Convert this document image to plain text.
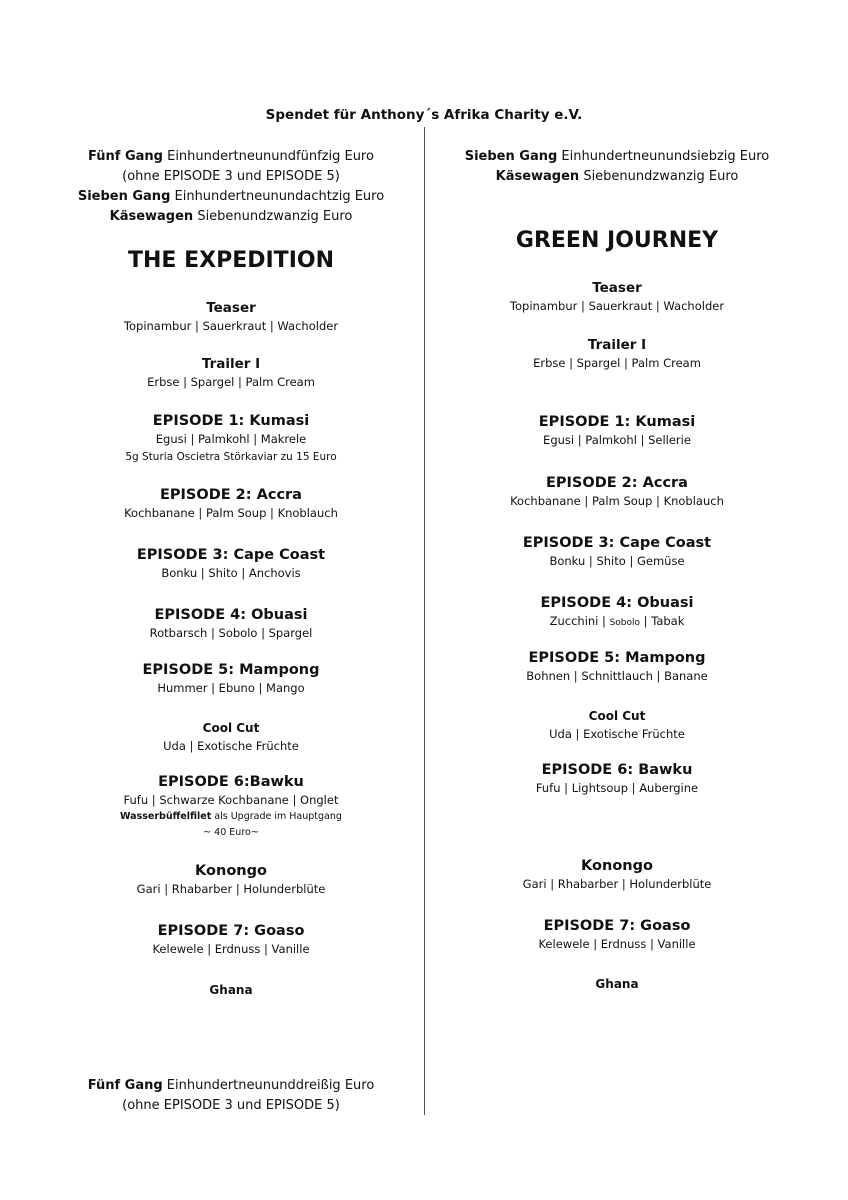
Spendet für Anthony´s Afrika Charity e.V.
Fünf Gang Einhundertneunundfünfzig Euro
(ohne EPISODE 3 und EPISODE 5)
Sieben Gang Einhundertneunundachtzig Euro
Käsewagen Siebenundzwanzig Euro
THE EXPEDITION
Teaser
Topinambur | Sauerkraut | Wacholder
Trailer I
Erbse | Spargel | Palm Cream
EPISODE 1: Kumasi
Egusi | Palmkohl | Makrele
5g Sturia Oscietra Störkaviar zu 15 Euro
EPISODE 2: Accra
Kochbanane | Palm Soup | Knoblauch
EPISODE 3: Cape Coast
Bonku | Shito | Anchovis
EPISODE 4: Obuasi
Rotbarsch | Sobolo | Spargel
EPISODE 5: Mampong
Hummer | Ebuno | Mango
Cool Cut
Uda | Exotische Früchte
EPISODE 6:Bawku
Fufu | Schwarze Kochbanane | Onglet
Wasserbüffelfilet als Upgrade im Hauptgang
~ 40 Euro~
Konongo
Gari | Rhabarber | Holunderblüte
EPISODE 7: Goaso
Kelewele | Erdnuss | Vanille
Ghana
Fünf Gang Einhundertneununddreißig Euro
(ohne EPISODE 3 und EPISODE 5)
Sieben Gang Einhundertneunundsiebzig Euro
Käsewagen Siebenundzwanzig Euro
GREEN JOURNEY
Teaser
Topinambur | Sauerkraut | Wacholder
Trailer I
Erbse | Spargel | Palm Cream
EPISODE 1: Kumasi
Egusi | Palmkohl | Sellerie
EPISODE 2: Accra
Kochbanane | Palm Soup | Knoblauch
EPISODE 3: Cape Coast
Bonku | Shito | Gemüse
EPISODE 4: Obuasi
Zucchini | Sobolo | Tabak
EPISODE 5: Mampong
Bohnen | Schnittlauch | Banane
Cool Cut
Uda | Exotische Früchte
EPISODE 6: Bawku
Fufu | Lightsoup | Aubergine
Konongo
Gari | Rhabarber | Holunderblüte
EPISODE 7: Goaso
Kelewele | Erdnuss | Vanille
Ghana
